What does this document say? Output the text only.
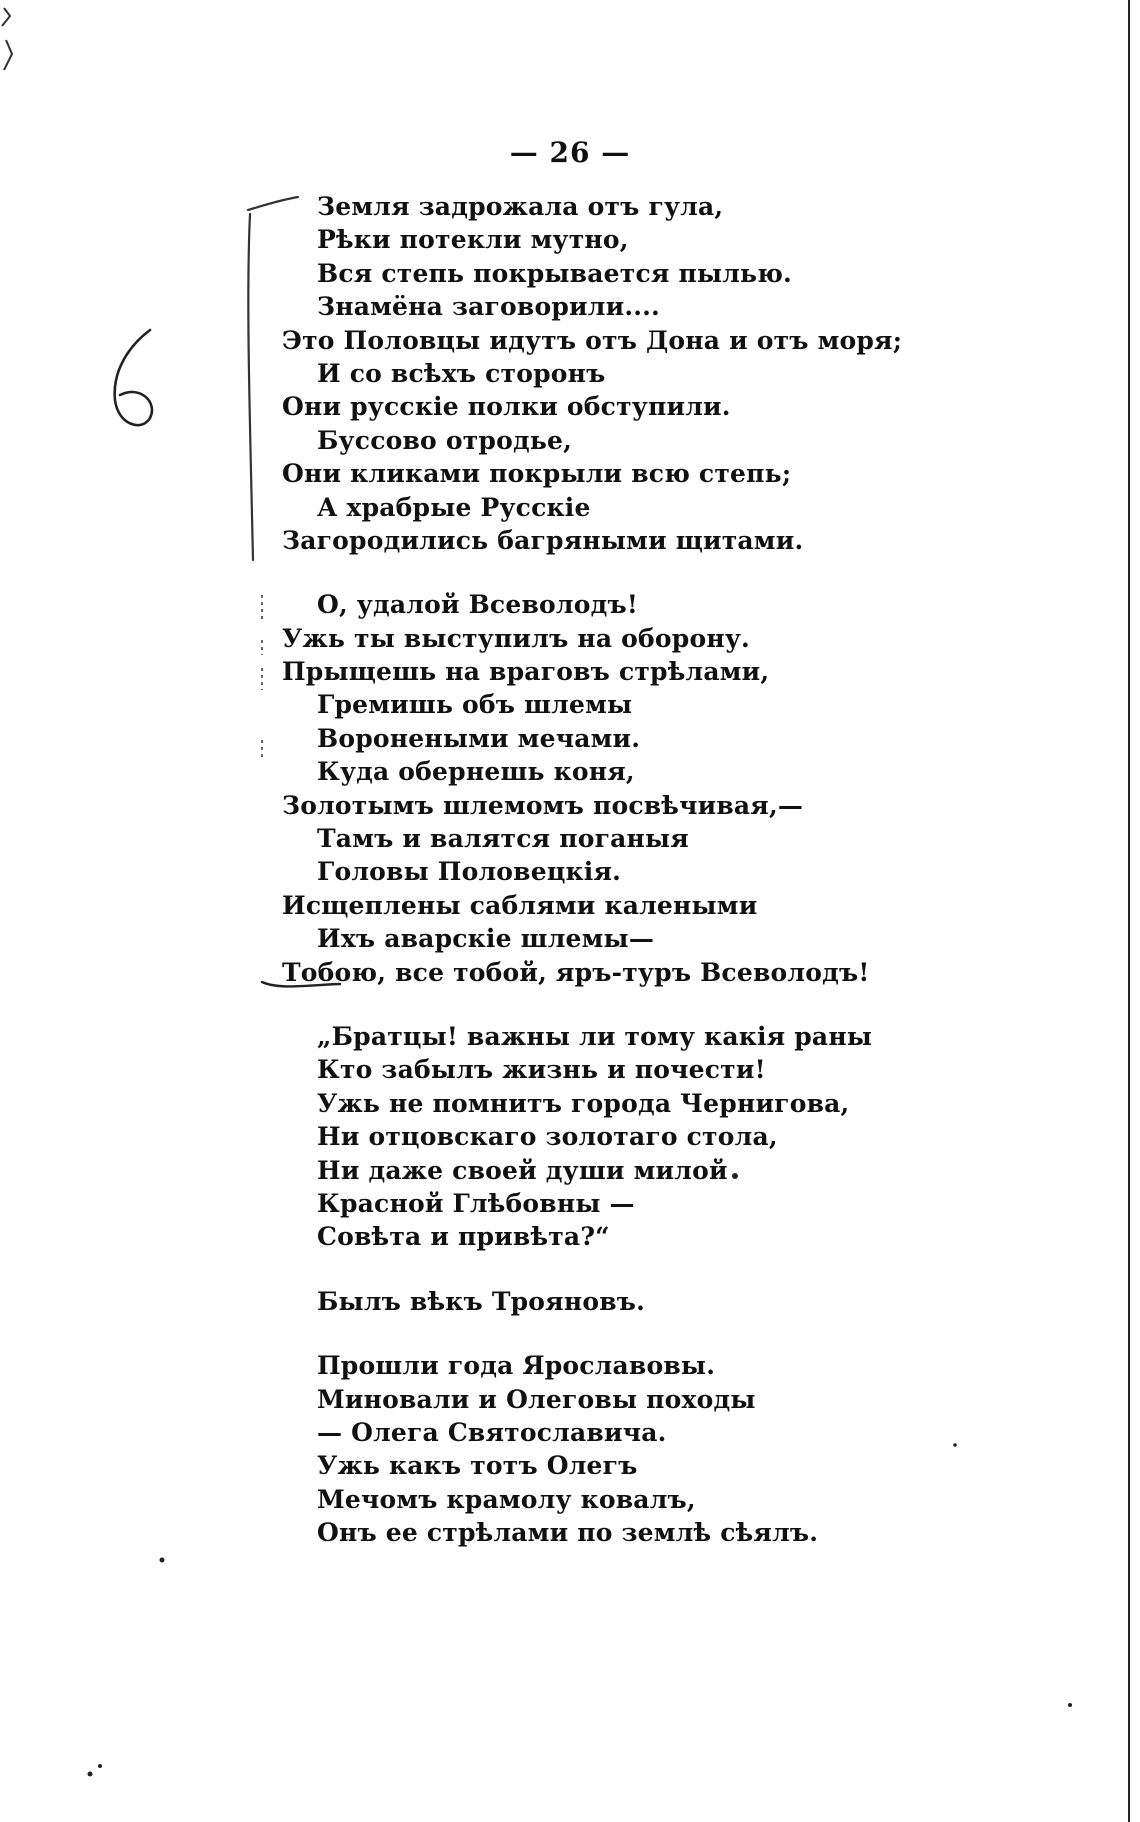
— 26 —
Земля задрожала отъ гула,
Рѣки потекли мутно,
Вся степь покрывается пылью.
Знамёна заговорили....
Это Половцы идутъ отъ Дона и отъ моря;
И со всѣхъ сторонъ
Они русскіе полки обступили.
Буссово отродье,
Они кликами покрыли всю степь;
А храбрые Русскіе
Загородились багряными щитами.
О, удалой Всеволодъ!
Ужь ты выступилъ на оборону.
Прыщешь на враговъ стрѣлами,
Гремишь объ шлемы
Воронеными мечами.
Куда обернешь коня,
Золотымъ шлемомъ посвѣчивая,—
Тамъ и валятся поганыя
Головы Половецкія.
Исщеплены саблями калеными
Ихъ аварскіе шлемы—
Тобою, все тобой, яръ-туръ Всеволодъ!
„Братцы! важны ли тому какія раны
Кто забылъ жизнь и почести!
Ужь не помнитъ города Чернигова,
Ни отцовскаго золотаго стола,
Ни даже своей души милой
Красной Глѣбовны —
Совѣта и привѣта?“
Былъ вѣкъ Трояновъ.
Прошли года Ярославовы.
Миновали и Олеговы походы
— Олега Святославича.
Ужь какъ тотъ Олегъ
Мечомъ крамолу ковалъ,
Онъ ее стрѣлами по землѣ сѣялъ.
